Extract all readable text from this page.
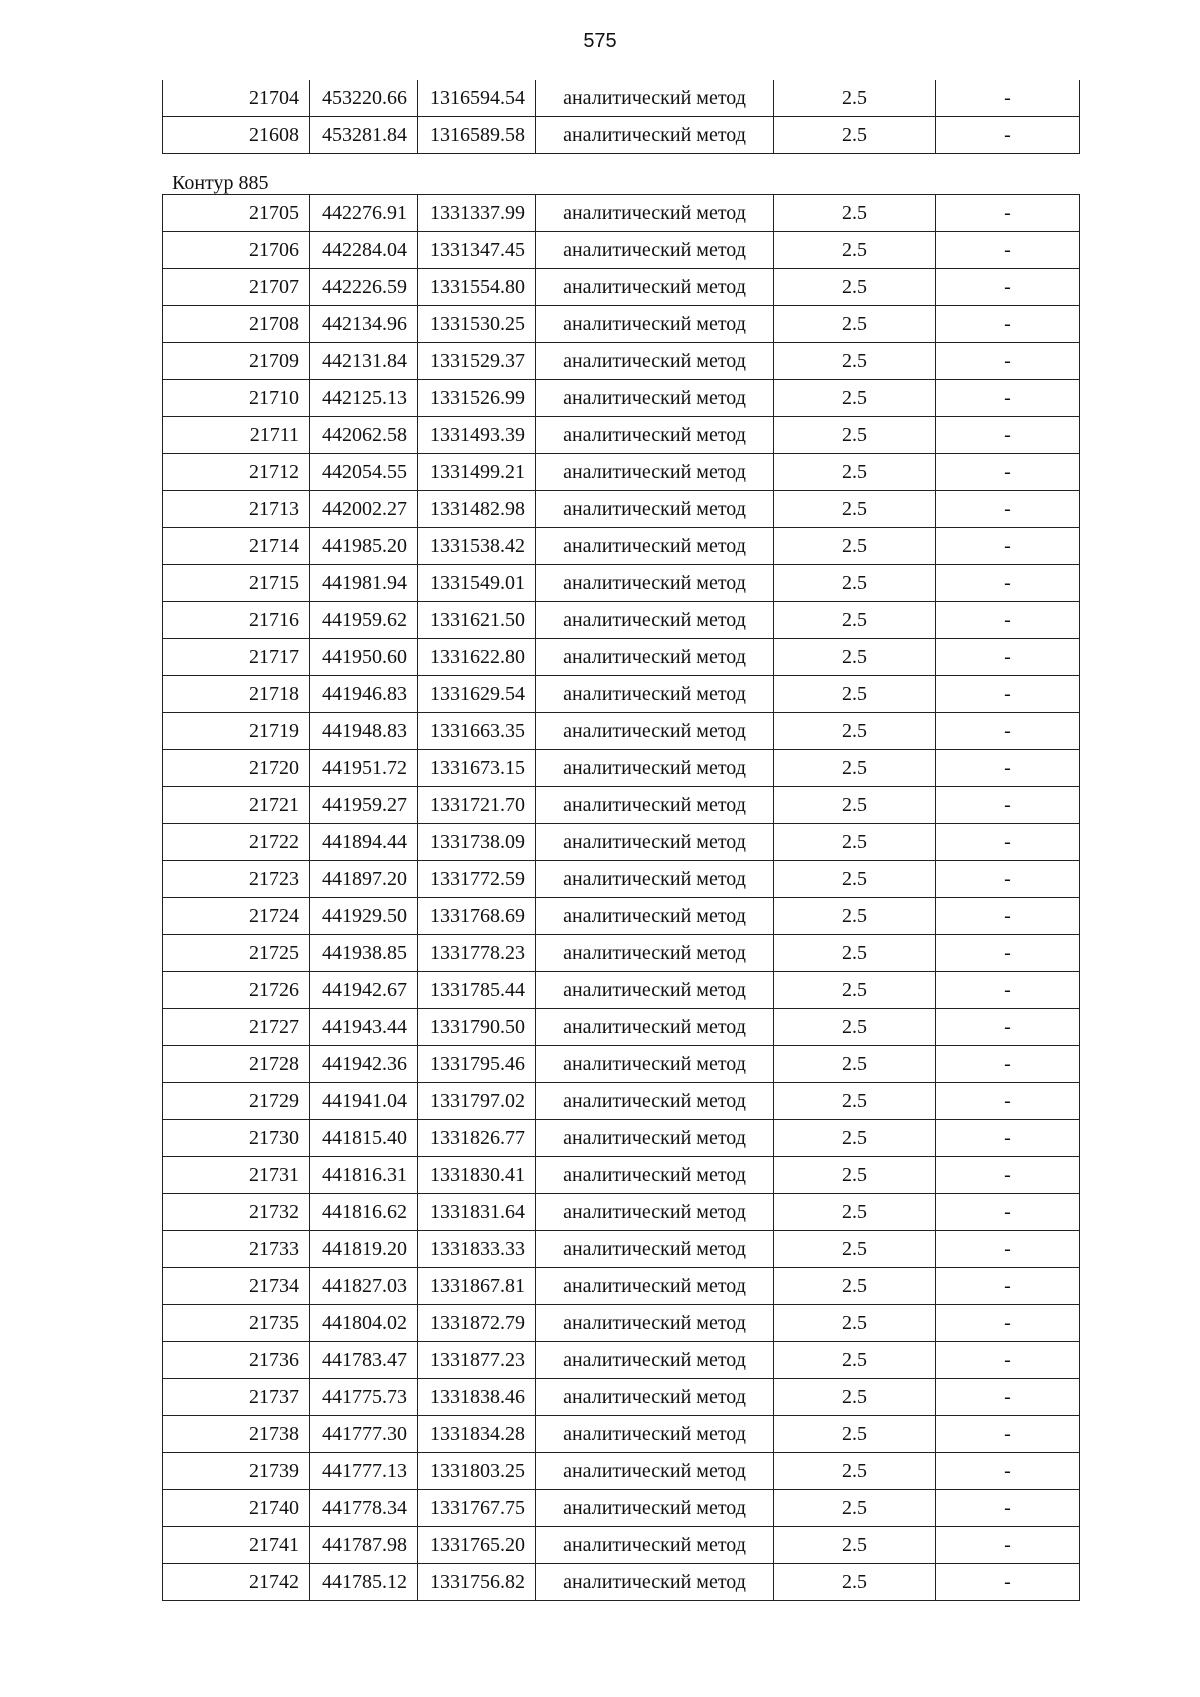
575
21704	453220.66	1316594.54	аналитический метод	2.5	-
21608	453281.84	1316589.58	аналитический метод	2.5	-
Контур 885
21705	442276.91	1331337.99	аналитический метод	2.5	-
21706	442284.04	1331347.45	аналитический метод	2.5	-
21707	442226.59	1331554.80	аналитический метод	2.5	-
21708	442134.96	1331530.25	аналитический метод	2.5	-
21709	442131.84	1331529.37	аналитический метод	2.5	-
21710	442125.13	1331526.99	аналитический метод	2.5	-
21711	442062.58	1331493.39	аналитический метод	2.5	-
21712	442054.55	1331499.21	аналитический метод	2.5	-
21713	442002.27	1331482.98	аналитический метод	2.5	-
21714	441985.20	1331538.42	аналитический метод	2.5	-
21715	441981.94	1331549.01	аналитический метод	2.5	-
21716	441959.62	1331621.50	аналитический метод	2.5	-
21717	441950.60	1331622.80	аналитический метод	2.5	-
21718	441946.83	1331629.54	аналитический метод	2.5	-
21719	441948.83	1331663.35	аналитический метод	2.5	-
21720	441951.72	1331673.15	аналитический метод	2.5	-
21721	441959.27	1331721.70	аналитический метод	2.5	-
21722	441894.44	1331738.09	аналитический метод	2.5	-
21723	441897.20	1331772.59	аналитический метод	2.5	-
21724	441929.50	1331768.69	аналитический метод	2.5	-
21725	441938.85	1331778.23	аналитический метод	2.5	-
21726	441942.67	1331785.44	аналитический метод	2.5	-
21727	441943.44	1331790.50	аналитический метод	2.5	-
21728	441942.36	1331795.46	аналитический метод	2.5	-
21729	441941.04	1331797.02	аналитический метод	2.5	-
21730	441815.40	1331826.77	аналитический метод	2.5	-
21731	441816.31	1331830.41	аналитический метод	2.5	-
21732	441816.62	1331831.64	аналитический метод	2.5	-
21733	441819.20	1331833.33	аналитический метод	2.5	-
21734	441827.03	1331867.81	аналитический метод	2.5	-
21735	441804.02	1331872.79	аналитический метод	2.5	-
21736	441783.47	1331877.23	аналитический метод	2.5	-
21737	441775.73	1331838.46	аналитический метод	2.5	-
21738	441777.30	1331834.28	аналитический метод	2.5	-
21739	441777.13	1331803.25	аналитический метод	2.5	-
21740	441778.34	1331767.75	аналитический метод	2.5	-
21741	441787.98	1331765.20	аналитический метод	2.5	-
21742	441785.12	1331756.82	аналитический метод	2.5	-
